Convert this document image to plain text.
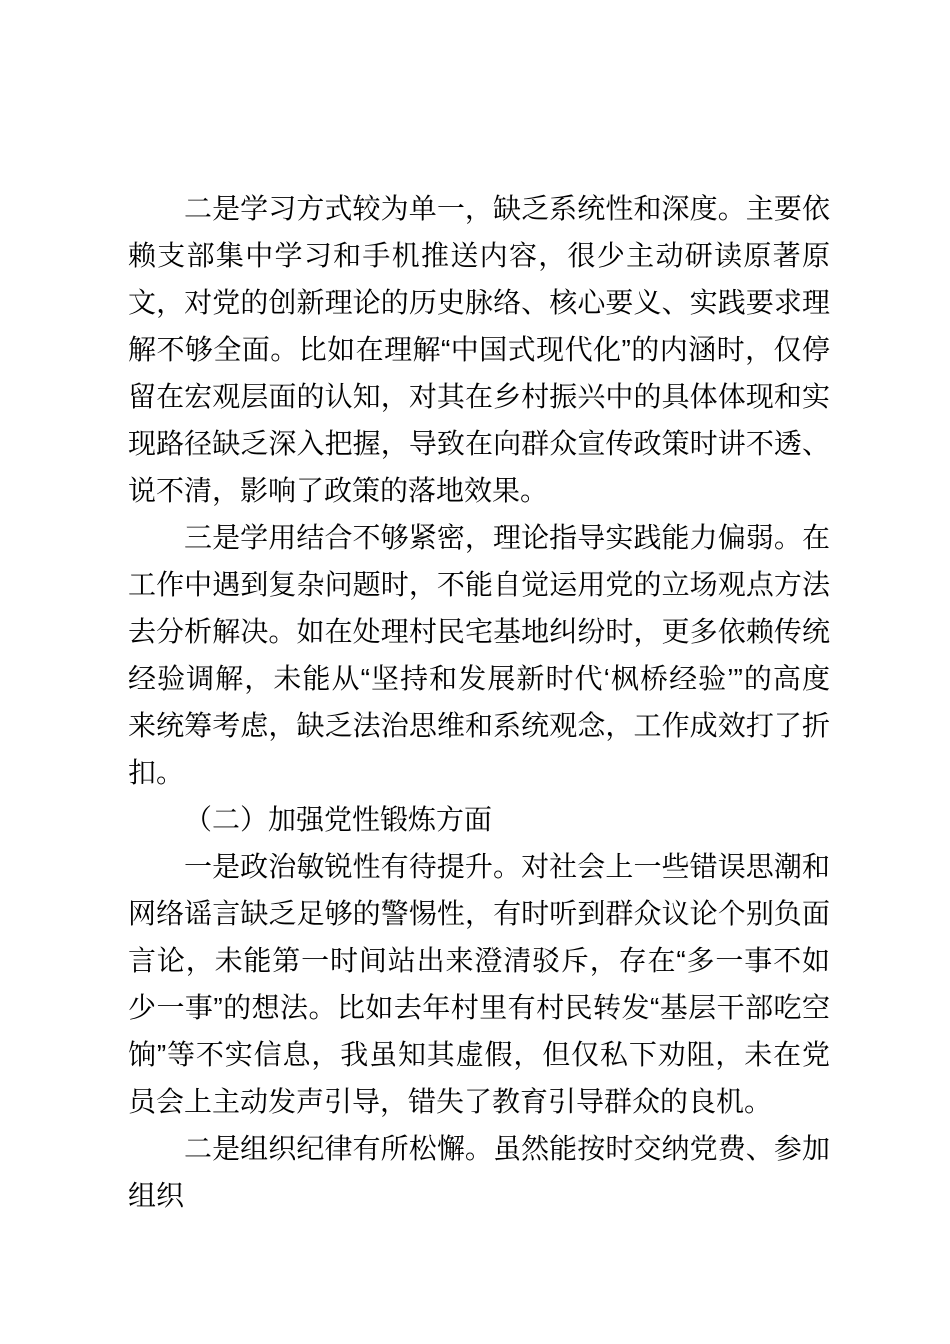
二是学习方式较为单一，缺乏系统性和深度。主要依赖支部集中学习和手机推送内容，很少主动研读原著原文，对党的创新理论的历史脉络、核心要义、实践要求理解不够全面。比如在理解“中国式现代化”的内涵时，仅停留在宏观层面的认知，对其在乡村振兴中的具体体现和实现路径缺乏深入把握，导致在向群众宣传政策时讲不透、说不清，影响了政策的落地效果。

三是学用结合不够紧密，理论指导实践能力偏弱。在工作中遇到复杂问题时，不能自觉运用党的立场观点方法去分析解决。如在处理村民宅基地纠纷时，更多依赖传统经验调解，未能从“坚持和发展新时代‘枫桥经验’”的高度来统筹考虑，缺乏法治思维和系统观念，工作成效打了折扣。

（二）加强党性锻炼方面

一是政治敏锐性有待提升。对社会上一些错误思潮和网络谣言缺乏足够的警惕性，有时听到群众议论个别负面言论，未能第一时间站出来澄清驳斥，存在“多一事不如少一事”的想法。比如去年村里有村民转发“基层干部吃空饷”等不实信息，我虽知其虚假，但仅私下劝阻，未在党员会上主动发声引导，错失了教育引导群众的良机。

二是组织纪律有所松懈。虽然能按时交纳党费、参加组织
